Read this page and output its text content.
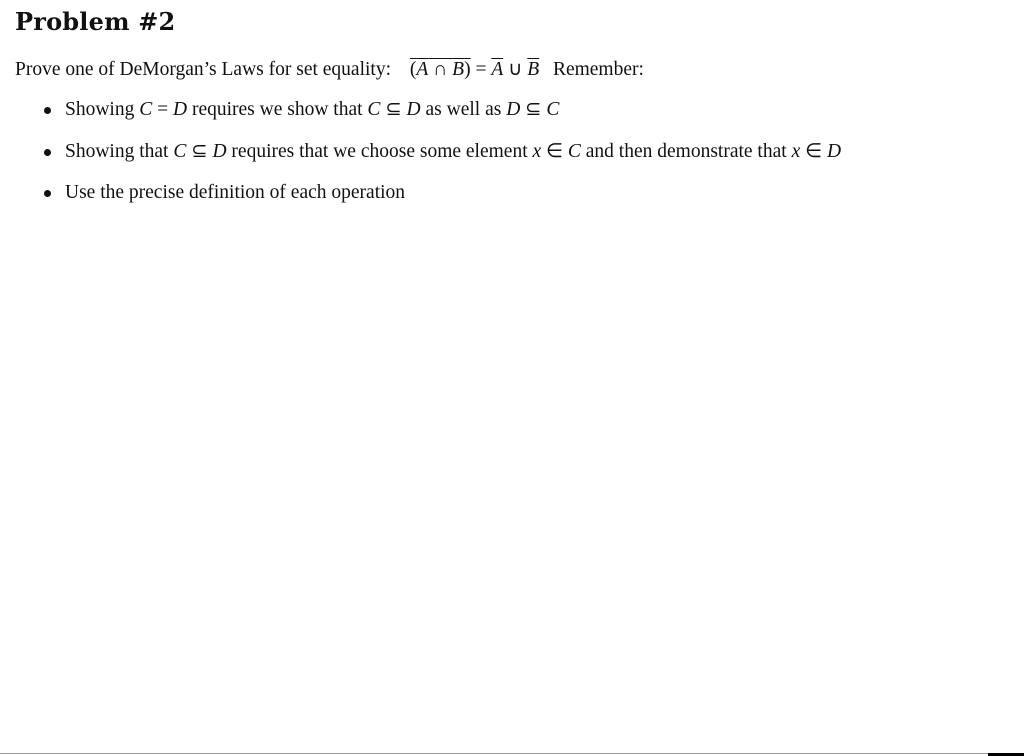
Problem #2
Prove one of DeMorgan’s Laws for set equality: (A ∩ $B) = \overline{A}$ ∪ $\overline{B}$ Remember:
Showing C = D requires we show that C ⊆ D as well as D ⊆ C
Showing that C ⊆ D requires that we choose some element x ∈ C and then demonstrate that x ∈ D
Use the precise definition of each operation
